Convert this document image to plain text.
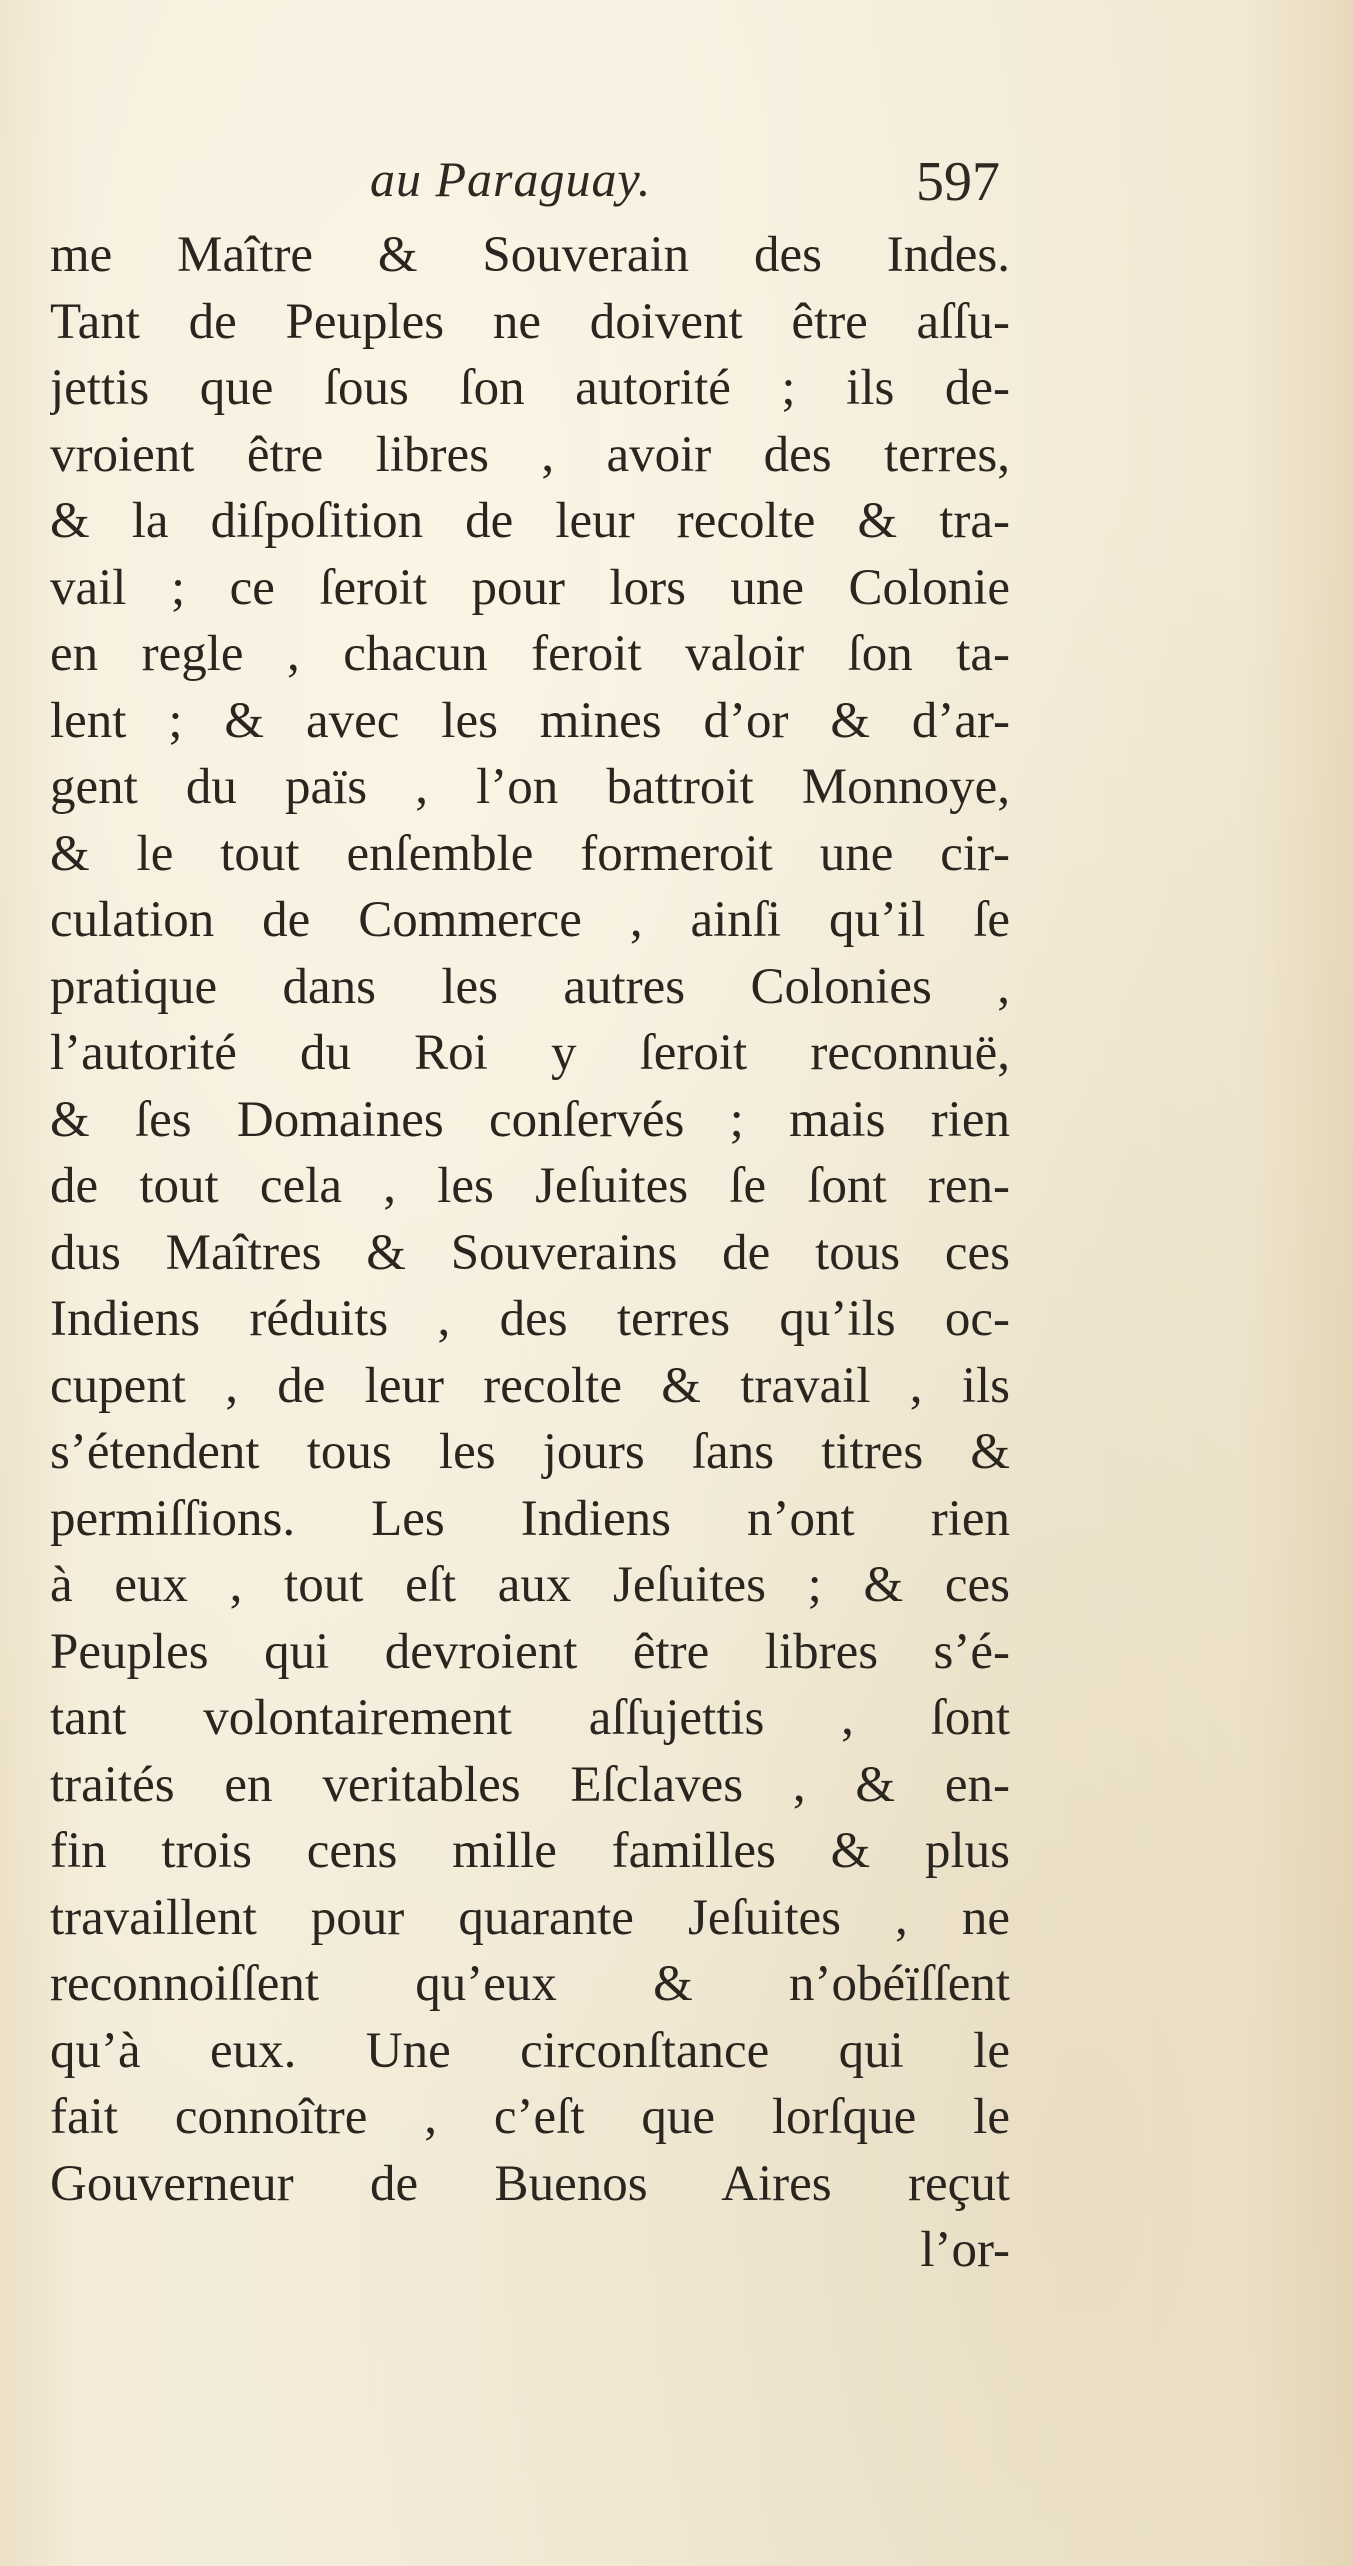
au Paraguay.	597
me Maître & Souverain des Indes.
Tant de Peuples ne doivent être aſſu-
jettis que ſous ſon autorité ; ils de-
vroient être libres , avoir des terres,
& la diſpoſition de leur recolte & tra-
vail ; ce ſeroit pour lors une Colonie
en regle , chacun feroit valoir ſon ta-
lent ; & avec les mines d’or & d’ar-
gent du païs , l’on battroit Monnoye,
& le tout enſemble formeroit une cir-
culation de Commerce , ainſi qu’il ſe
pratique dans les autres Colonies ,
l’autorité du Roi y ſeroit reconnuë,
& ſes Domaines conſervés ; mais rien
de tout cela , les Jeſuites ſe ſont ren-
dus Maîtres & Souverains de tous ces
Indiens réduits , des terres qu’ils oc-
cupent , de leur recolte & travail , ils
s’étendent tous les jours ſans titres &
permiſſions. Les Indiens n’ont rien
à eux , tout eſt aux Jeſuites ; & ces
Peuples qui devroient être libres s’é-
tant volontairement aſſujettis , ſont
traités en veritables Eſclaves , & en-
fin trois cens mille familles & plus
travaillent pour quarante Jeſuites , ne
reconnoiſſent qu’eux & n’obéïſſent
qu’à eux. Une circonſtance qui le
fait connoître , c’eſt que lorſque le
Gouverneur de Buenos Aires reçut
l’or-
